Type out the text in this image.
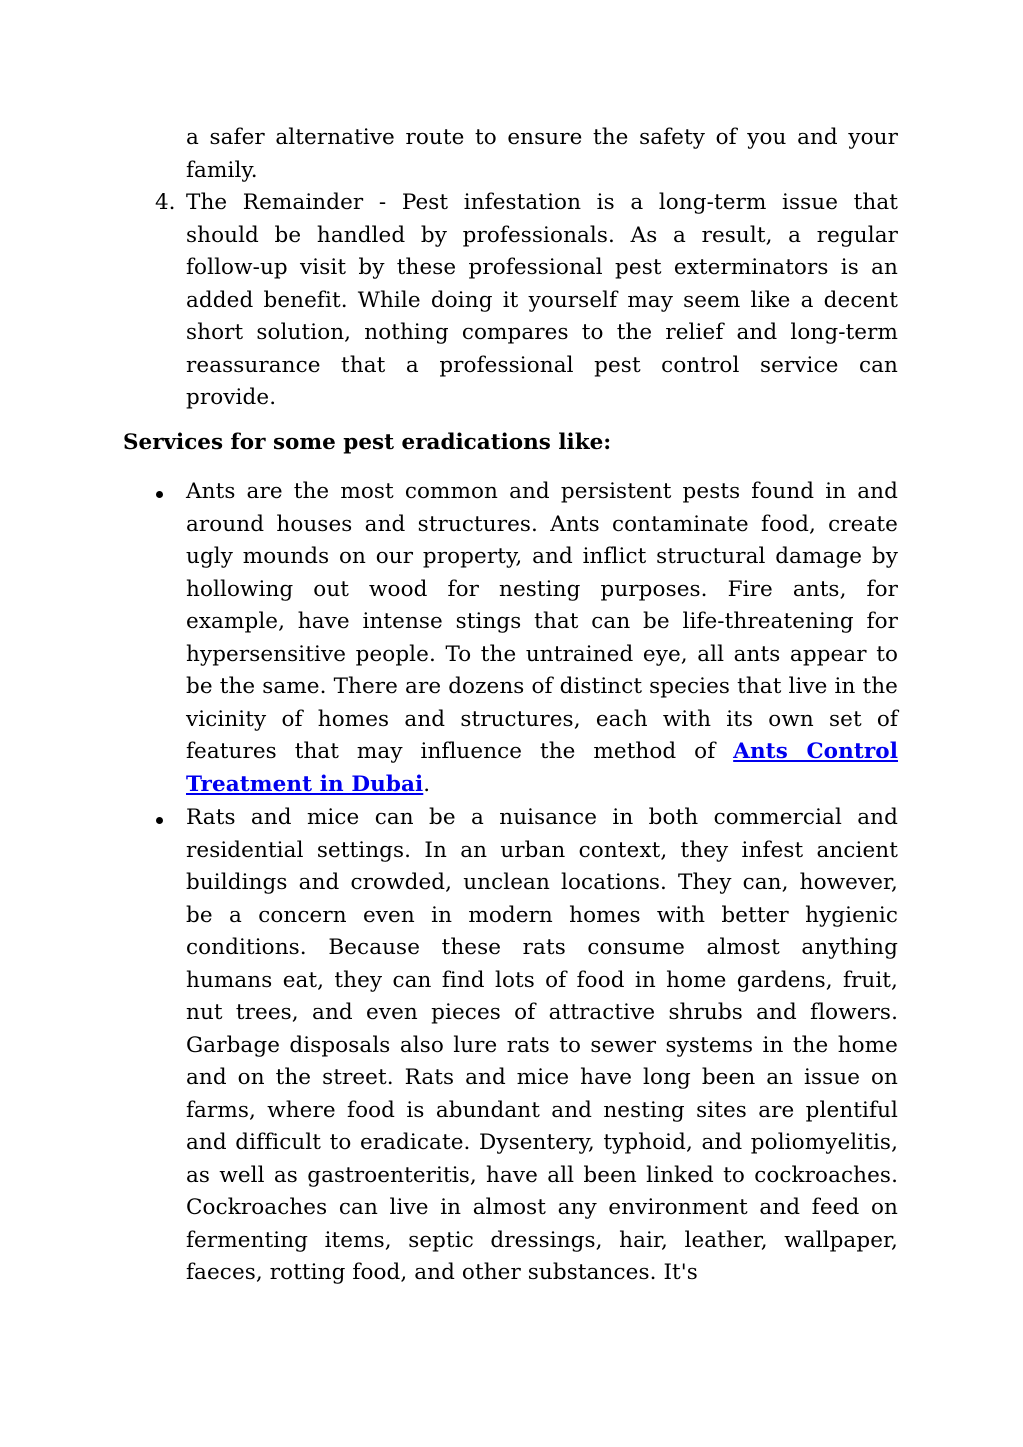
a safer alternative route to ensure the safety of you and your family.

4. The Remainder - Pest infestation is a long-term issue that should be handled by professionals. As a result, a regular follow-up visit by these professional pest exterminators is an added benefit. While doing it yourself may seem like a decent short solution, nothing compares to the relief and long-term reassurance that a professional pest control service can provide.

Services for some pest eradications like:

Ants are the most common and persistent pests found in and around houses and structures. Ants contaminate food, create ugly mounds on our property, and inflict structural damage by hollowing out wood for nesting purposes. Fire ants, for example, have intense stings that can be life-threatening for hypersensitive people. To the untrained eye, all ants appear to be the same. There are dozens of distinct species that live in the vicinity of homes and structures, each with its own set of features that may influence the method of Ants Control Treatment in Dubai.

Rats and mice can be a nuisance in both commercial and residential settings. In an urban context, they infest ancient buildings and crowded, unclean locations. They can, however, be a concern even in modern homes with better hygienic conditions. Because these rats consume almost anything humans eat, they can find lots of food in home gardens, fruit, nut trees, and even pieces of attractive shrubs and flowers. Garbage disposals also lure rats to sewer systems in the home and on the street. Rats and mice have long been an issue on farms, where food is abundant and nesting sites are plentiful and difficult to eradicate. Dysentery, typhoid, and poliomyelitis, as well as gastroenteritis, have all been linked to cockroaches. Cockroaches can live in almost any environment and feed on fermenting items, septic dressings, hair, leather, wallpaper, faeces, rotting food, and other substances. It's
